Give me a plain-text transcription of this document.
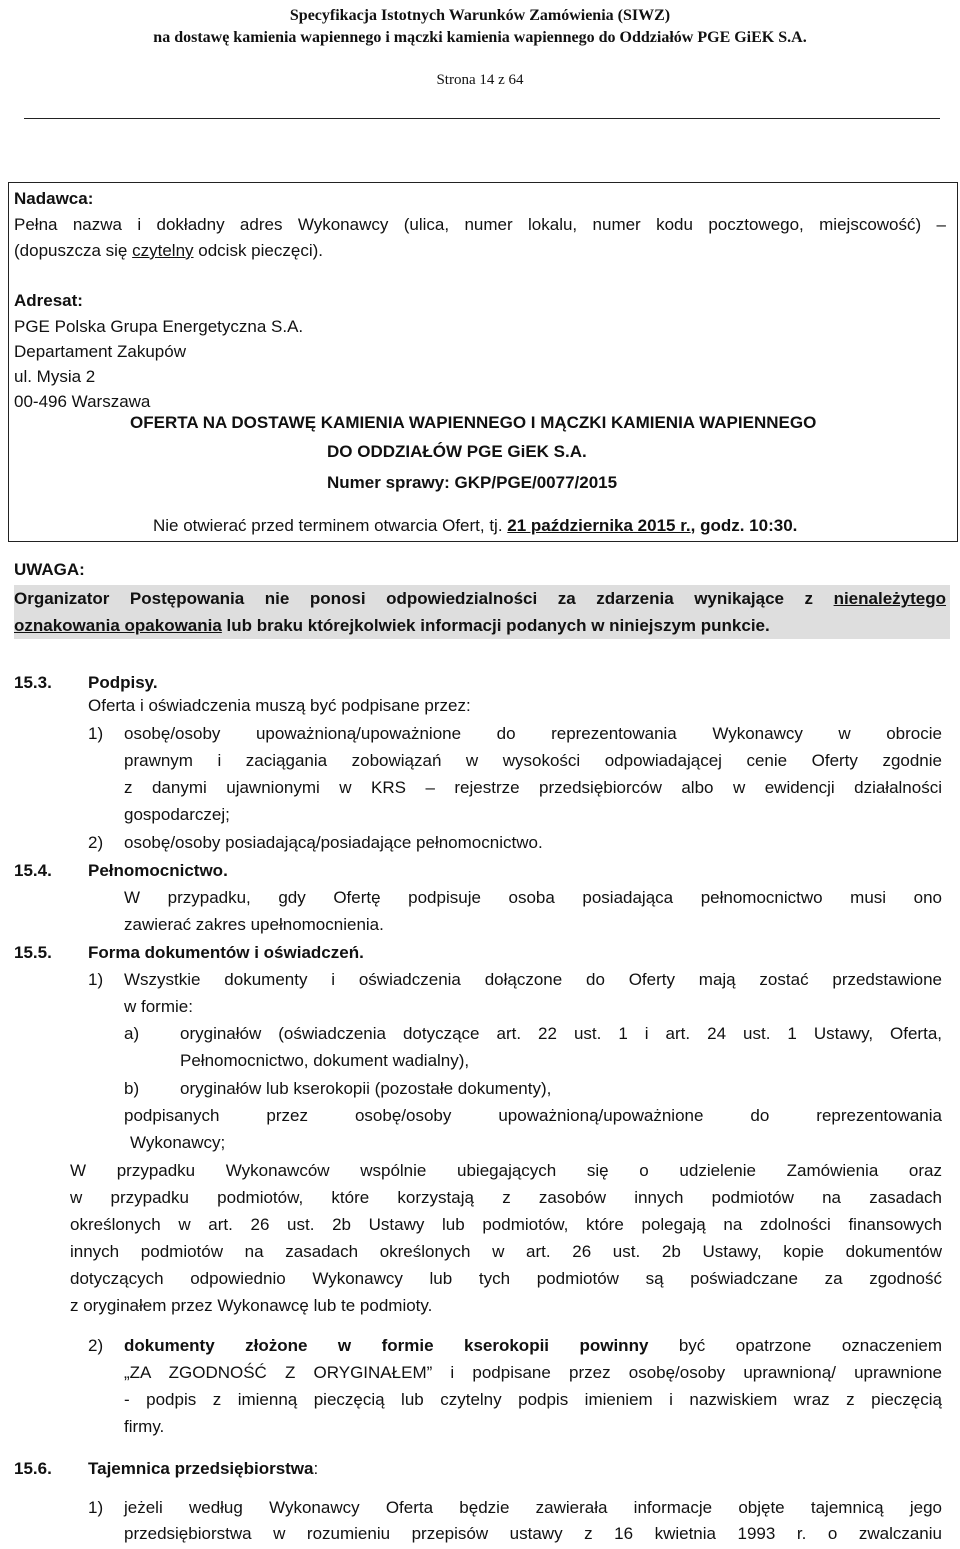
Specyfikacja Istotnych Warunków Zamówienia (SIWZ)
na dostawę kamienia wapiennego i mączki kamienia wapiennego do Oddziałów PGE GiEK S.A.
Strona 14 z 64
Nadawca:
Pełna nazwa i dokładny adres Wykonawcy (ulica, numer lokalu, numer kodu pocztowego, miejscowość) –
(dopuszcza się czytelny odcisk pieczęci).
Adresat:
PGE Polska Grupa Energetyczna S.A.
Departament Zakupów
ul. Mysia 2
00-496 Warszawa
OFERTA NA DOSTAWĘ KAMIENIA WAPIENNEGO I MĄCZKI KAMIENIA WAPIENNEGO
DO ODDZIAŁÓW PGE GiEK S.A.
Numer sprawy: GKP/PGE/0077/2015
Nie otwierać przed terminem otwarcia Ofert, tj. 21 października 2015 r., godz. 10:30.
UWAGA:
Organizator Postępowania nie ponosi odpowiedzialności za zdarzenia wynikające z nienależytego
oznakowania opakowania lub braku którejkolwiek informacji podanych w niniejszym punkcie.
15.3. Podpisy.
Oferta i oświadczenia muszą być podpisane przez:
1) osobę/osoby upoważnioną/upoważnione do reprezentowania Wykonawcy w obrocie
prawnym i zaciągania zobowiązań w wysokości odpowiadającej cenie Oferty zgodnie
z danymi ujawnionymi w KRS – rejestrze przedsiębiorców albo w ewidencji działalności
gospodarczej;
2) osobę/osoby posiadającą/posiadające pełnomocnictwo.
15.4. Pełnomocnictwo.
W przypadku, gdy Ofertę podpisuje osoba posiadająca pełnomocnictwo musi ono
zawierać zakres upełnomocnienia.
15.5. Forma dokumentów i oświadczeń.
1) Wszystkie dokumenty i oświadczenia dołączone do Oferty mają zostać przedstawione
w formie:
a) oryginałów (oświadczenia dotyczące art. 22 ust. 1 i art. 24 ust. 1 Ustawy, Oferta,
Pełnomocnictwo, dokument wadialny),
b) oryginałów lub kserokopii (pozostałe dokumenty),
podpisanych przez osobę/osoby upoważnioną/upoważnione do reprezentowania
Wykonawcy;
W przypadku Wykonawców wspólnie ubiegających się o udzielenie Zamówienia oraz
w przypadku podmiotów, które korzystają z zasobów innych podmiotów na zasadach
określonych w art. 26 ust. 2b Ustawy lub podmiotów, które polegają na zdolności finansowych
innych podmiotów na zasadach określonych w art. 26 ust. 2b Ustawy, kopie dokumentów
dotyczących odpowiednio Wykonawcy lub tych podmiotów są poświadczane za zgodność
z oryginałem przez Wykonawcę lub te podmioty.
2) dokumenty złożone w formie kserokopii powinny być opatrzone oznaczeniem
„ZA ZGODNOŚĆ Z ORYGINAŁEM” i podpisane przez osobę/osoby uprawnioną/ uprawnione
- podpis z imienną pieczęcią lub czytelny podpis imieniem i nazwiskiem wraz z pieczęcią
firmy.
15.6. Tajemnica przedsiębiorstwa:
1) jeżeli według Wykonawcy Oferta będzie zawierała informacje objęte tajemnicą jego
przedsiębiorstwa w rozumieniu przepisów ustawy z 16 kwietnia 1993 r. o zwalczaniu
